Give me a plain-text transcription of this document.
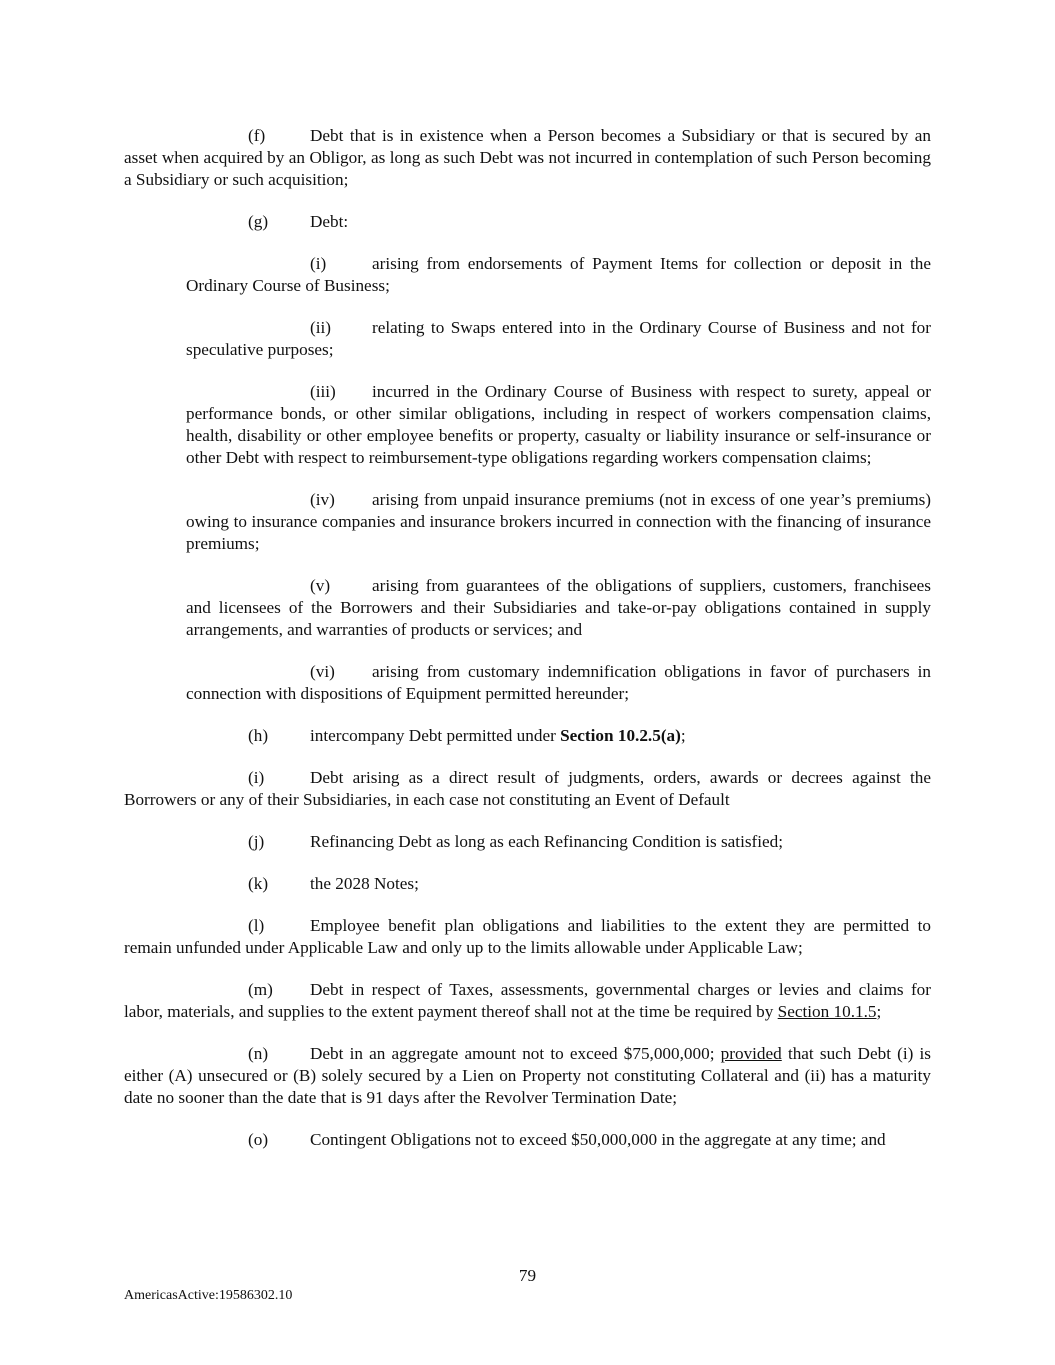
(f)	Debt that is in existence when a Person becomes a Subsidiary or that is secured by an asset when acquired by an Obligor, as long as such Debt was not incurred in contemplation of such Person becoming a Subsidiary or such acquisition;

(g) Debt:

(i)	arising from endorsements of Payment Items for collection or deposit in the Ordinary Course of Business;

(ii) relating to Swaps entered into in the Ordinary Course of Business and not for speculative purposes;

(iii) incurred in the Ordinary Course of Business with respect to surety, appeal or performance bonds, or other similar obligations, including in respect of workers compensation claims, health, disability or other employee benefits or property, casualty or liability insurance or self-insurance or other Debt with respect to reimbursement-type obligations regarding workers compensation claims;

(iv) arising from unpaid insurance premiums (not in excess of one year’s premiums) owing to insurance companies and insurance brokers incurred in connection with the financing of insurance premiums;

(v) arising from guarantees of the obligations of suppliers, customers, franchisees and licensees of the Borrowers and their Subsidiaries and take-or-pay obligations contained in supply arrangements, and warranties of products or services; and

(vi) arising from customary indemnification obligations in favor of purchasers in connection with dispositions of Equipment permitted hereunder;

(h) intercompany Debt permitted under Section 10.2.5(a);

(i)	Debt arising as a direct result of judgments, orders, awards or decrees against the Borrowers or any of their Subsidiaries, in each case not constituting an Event of Default

(j)	Refinancing Debt as long as each Refinancing Condition is satisfied;

(k) the 2028 Notes;

(l)	Employee benefit plan obligations and liabilities to the extent they are permitted to remain unfunded under Applicable Law and only up to the limits allowable under Applicable Law;

(m) Debt in respect of Taxes, assessments, governmental charges or levies and claims for labor, materials, and supplies to the extent payment thereof shall not at the time be required by Section 10.1.5;

(n) Debt in an aggregate amount not to exceed $75,000,000; provided that such Debt (i) is either (A) unsecured or (B) solely secured by a Lien on Property not constituting Collateral and (ii) has a maturity date no sooner than the date that is 91 days after the Revolver Termination Date;

(o) Contingent Obligations not to exceed $50,000,000 in the aggregate at any time; and

79
AmericasActive:19586302.10
